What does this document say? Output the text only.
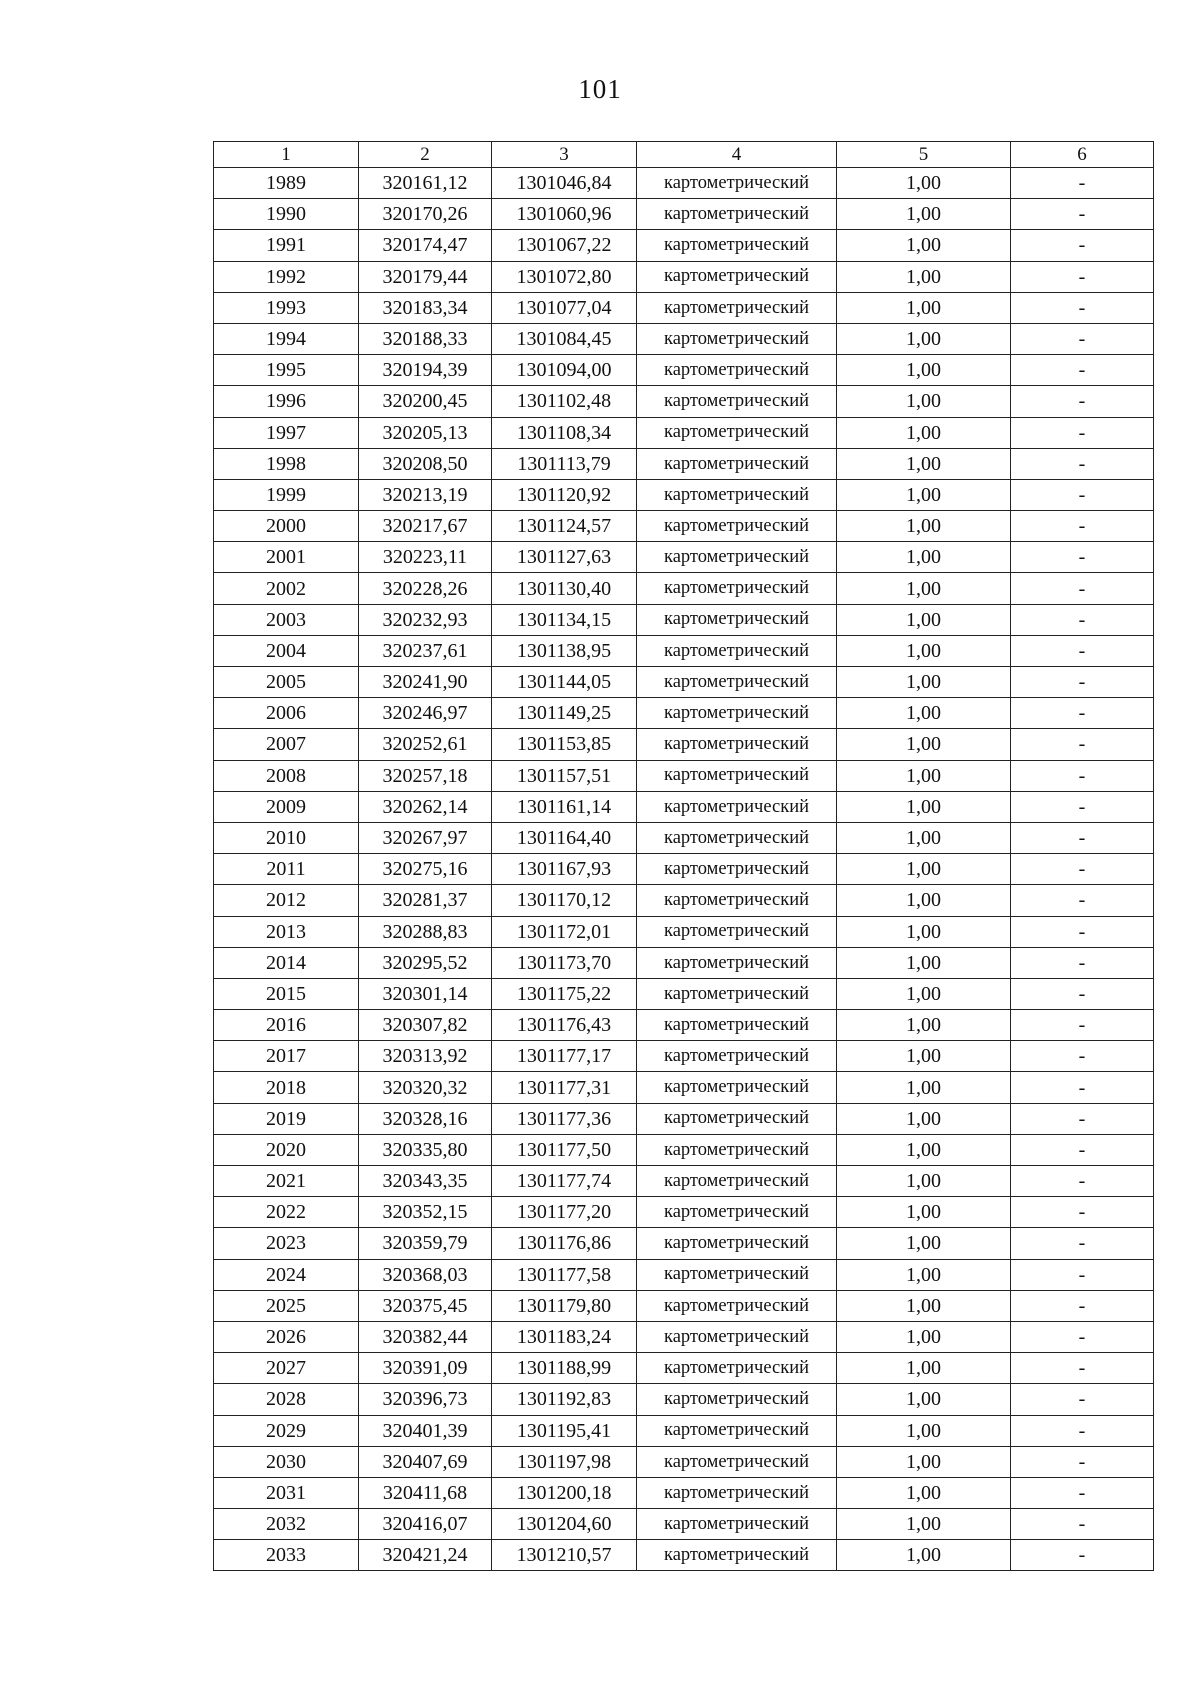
101
1	2	3	4	5	6
1989	320161,12	1301046,84	картометрический	1,00	-
1990	320170,26	1301060,96	картометрический	1,00	-
1991	320174,47	1301067,22	картометрический	1,00	-
1992	320179,44	1301072,80	картометрический	1,00	-
1993	320183,34	1301077,04	картометрический	1,00	-
1994	320188,33	1301084,45	картометрический	1,00	-
1995	320194,39	1301094,00	картометрический	1,00	-
1996	320200,45	1301102,48	картометрический	1,00	-
1997	320205,13	1301108,34	картометрический	1,00	-
1998	320208,50	1301113,79	картометрический	1,00	-
1999	320213,19	1301120,92	картометрический	1,00	-
2000	320217,67	1301124,57	картометрический	1,00	-
2001	320223,11	1301127,63	картометрический	1,00	-
2002	320228,26	1301130,40	картометрический	1,00	-
2003	320232,93	1301134,15	картометрический	1,00	-
2004	320237,61	1301138,95	картометрический	1,00	-
2005	320241,90	1301144,05	картометрический	1,00	-
2006	320246,97	1301149,25	картометрический	1,00	-
2007	320252,61	1301153,85	картометрический	1,00	-
2008	320257,18	1301157,51	картометрический	1,00	-
2009	320262,14	1301161,14	картометрический	1,00	-
2010	320267,97	1301164,40	картометрический	1,00	-
2011	320275,16	1301167,93	картометрический	1,00	-
2012	320281,37	1301170,12	картометрический	1,00	-
2013	320288,83	1301172,01	картометрический	1,00	-
2014	320295,52	1301173,70	картометрический	1,00	-
2015	320301,14	1301175,22	картометрический	1,00	-
2016	320307,82	1301176,43	картометрический	1,00	-
2017	320313,92	1301177,17	картометрический	1,00	-
2018	320320,32	1301177,31	картометрический	1,00	-
2019	320328,16	1301177,36	картометрический	1,00	-
2020	320335,80	1301177,50	картометрический	1,00	-
2021	320343,35	1301177,74	картометрический	1,00	-
2022	320352,15	1301177,20	картометрический	1,00	-
2023	320359,79	1301176,86	картометрический	1,00	-
2024	320368,03	1301177,58	картометрический	1,00	-
2025	320375,45	1301179,80	картометрический	1,00	-
2026	320382,44	1301183,24	картометрический	1,00	-
2027	320391,09	1301188,99	картометрический	1,00	-
2028	320396,73	1301192,83	картометрический	1,00	-
2029	320401,39	1301195,41	картометрический	1,00	-
2030	320407,69	1301197,98	картометрический	1,00	-
2031	320411,68	1301200,18	картометрический	1,00	-
2032	320416,07	1301204,60	картометрический	1,00	-
2033	320421,24	1301210,57	картометрический	1,00	-
